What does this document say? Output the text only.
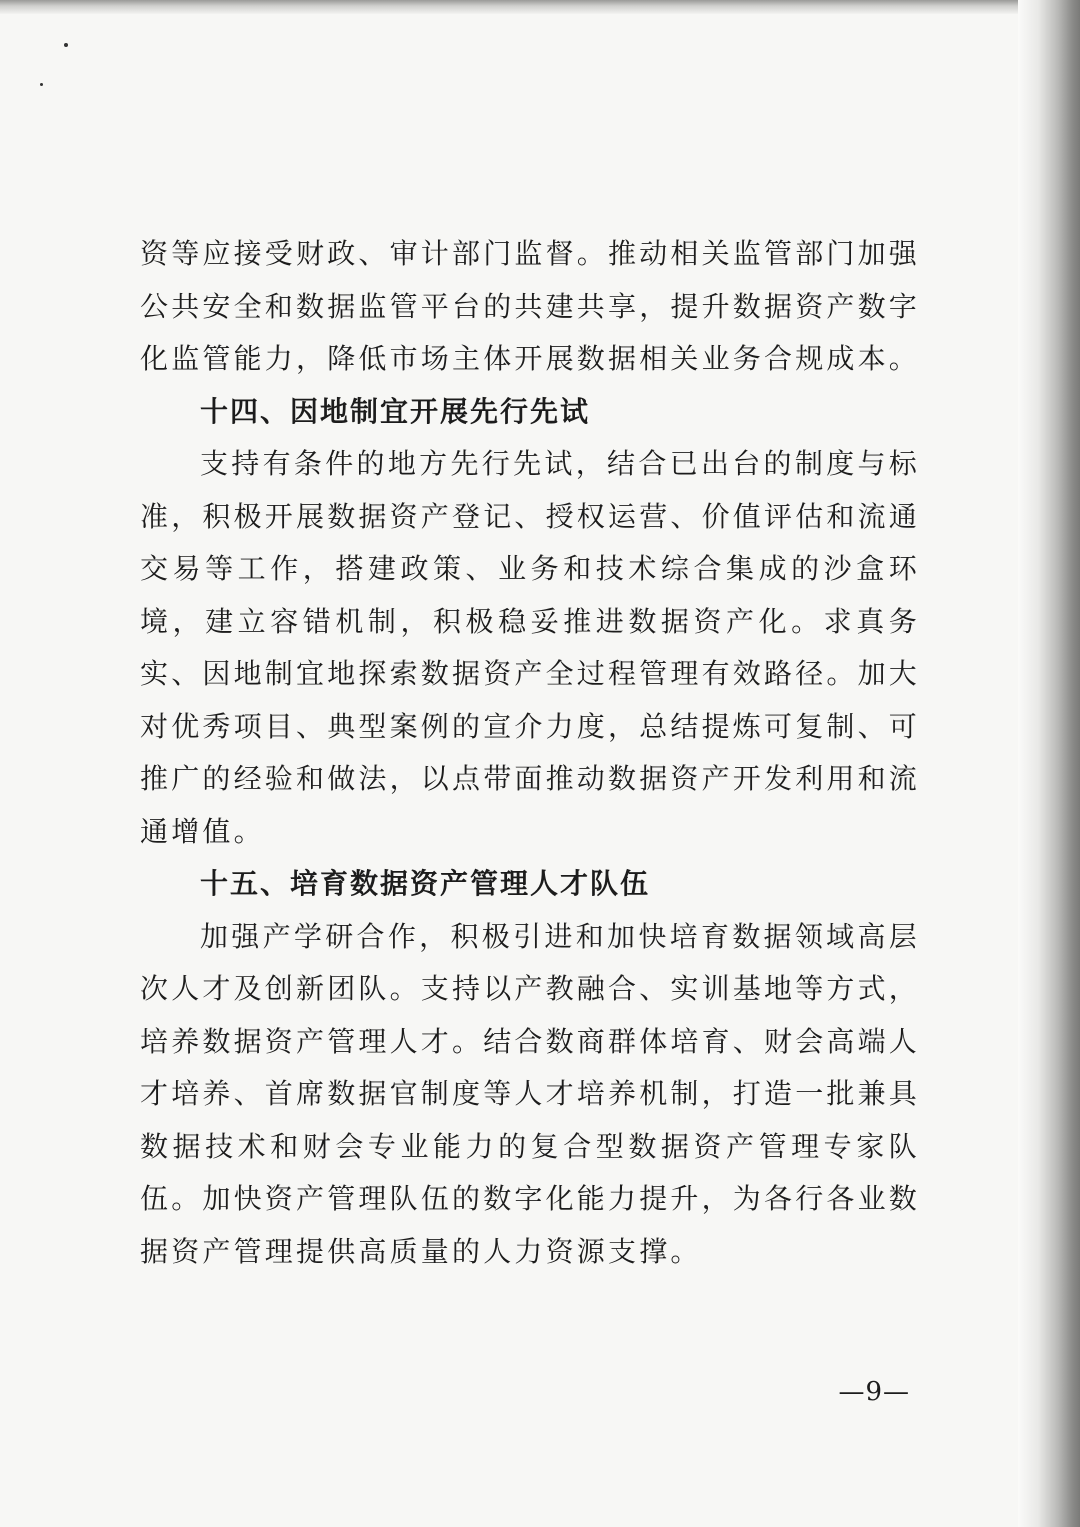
资等应接受财政、审计部门监督。推动相关监管部门加强公共安全和数据监管平台的共建共享，提升数据资产数字化监管能力，降低市场主体开展数据相关业务合规成本。

十四、因地制宜开展先行先试

支持有条件的地方先行先试，结合已出台的制度与标准，积极开展数据资产登记、授权运营、价值评估和流通交易等工作，搭建政策、业务和技术综合集成的沙盒环境，建立容错机制，积极稳妥推进数据资产化。求真务实、因地制宜地探索数据资产全过程管理有效路径。加大对优秀项目、典型案例的宣介力度，总结提炼可复制、可推广的经验和做法，以点带面推动数据资产开发利用和流通增值。

十五、培育数据资产管理人才队伍

加强产学研合作，积极引进和加快培育数据领域高层次人才及创新团队。支持以产教融合、实训基地等方式，培养数据资产管理人才。结合数商群体培育、财会高端人才培养、首席数据官制度等人才培养机制，打造一批兼具数据技术和财会专业能力的复合型数据资产管理专家队伍。加快资产管理队伍的数字化能力提升，为各行各业数据资产管理提供高质量的人力资源支撑。

—9—
